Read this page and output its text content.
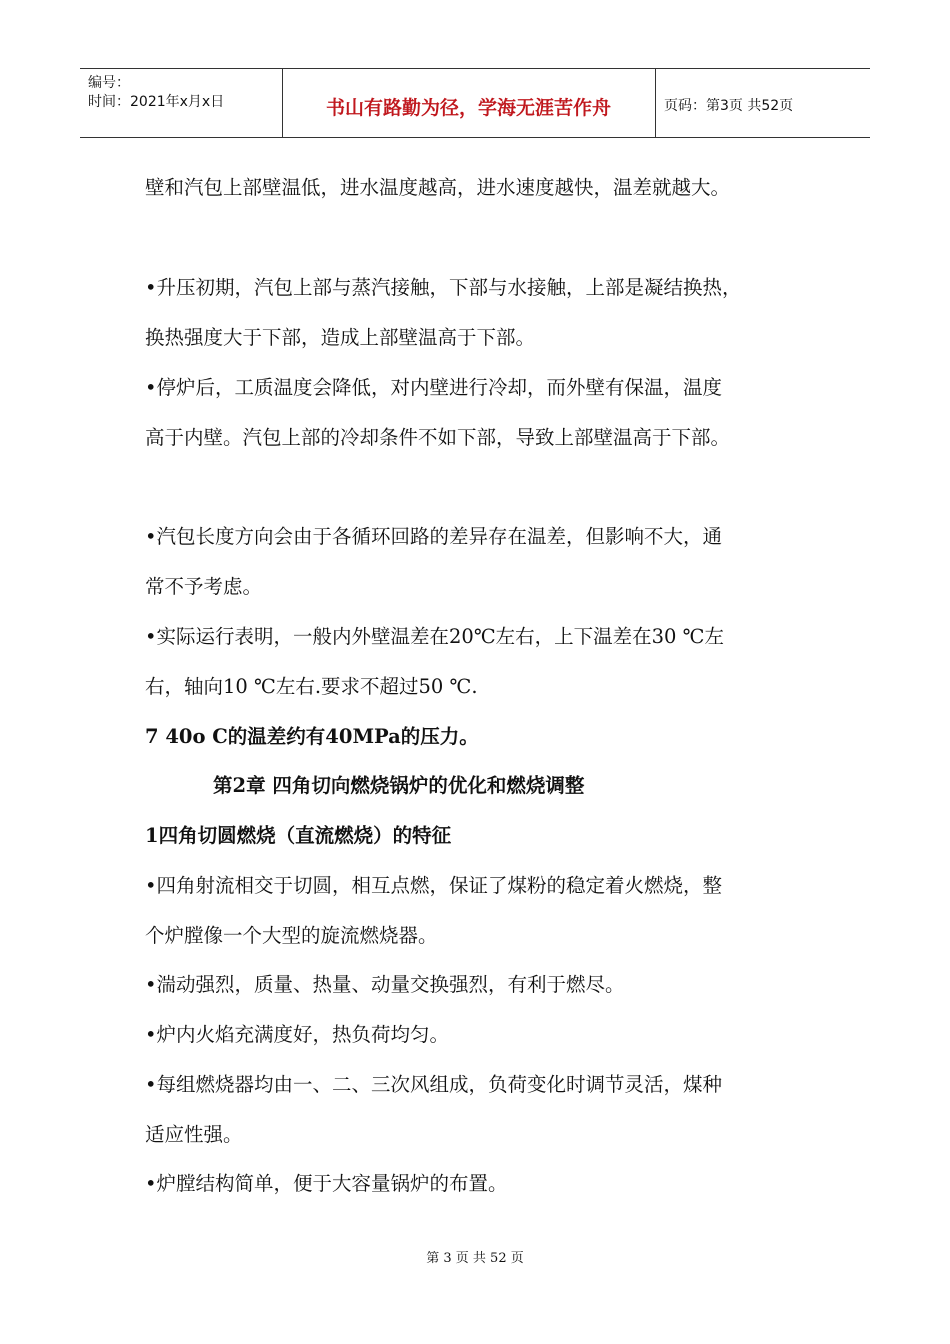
编号：
时间：2021年x月x日	书山有路勤为径，学海无涯苦作舟	页码：第3页 共52页
壁和汽包上部壁温低，进水温度越高，进水速度越快，温差就越大。
•升压初期，汽包上部与蒸汽接触，下部与水接触，上部是凝结换热，
换热强度大于下部，造成上部壁温高于下部。
•停炉后，工质温度会降低，对内壁进行冷却，而外壁有保温，温度
高于内壁。汽包上部的冷却条件不如下部，导致上部壁温高于下部。
•汽包长度方向会由于各循环回路的差异存在温差，但影响不大，通
常不予考虑。
•实际运行表明，一般内外壁温差在20℃左右，上下温差在30 ℃左
右，轴向10 ℃左右.要求不超过50 ℃.
7 40o C的温差约有40MPa的压力。
第2章 四角切向燃烧锅炉的优化和燃烧调整
1四角切圆燃烧（直流燃烧）的特征
•四角射流相交于切圆，相互点燃，保证了煤粉的稳定着火燃烧，整
个炉膛像一个大型的旋流燃烧器。
•湍动强烈，质量、热量、动量交换强烈，有利于燃尽。
•炉内火焰充满度好，热负荷均匀。
•每组燃烧器均由一、二、三次风组成，负荷变化时调节灵活，煤种
适应性强。
•炉膛结构简单，便于大容量锅炉的布置。
第 3 页 共 52 页
